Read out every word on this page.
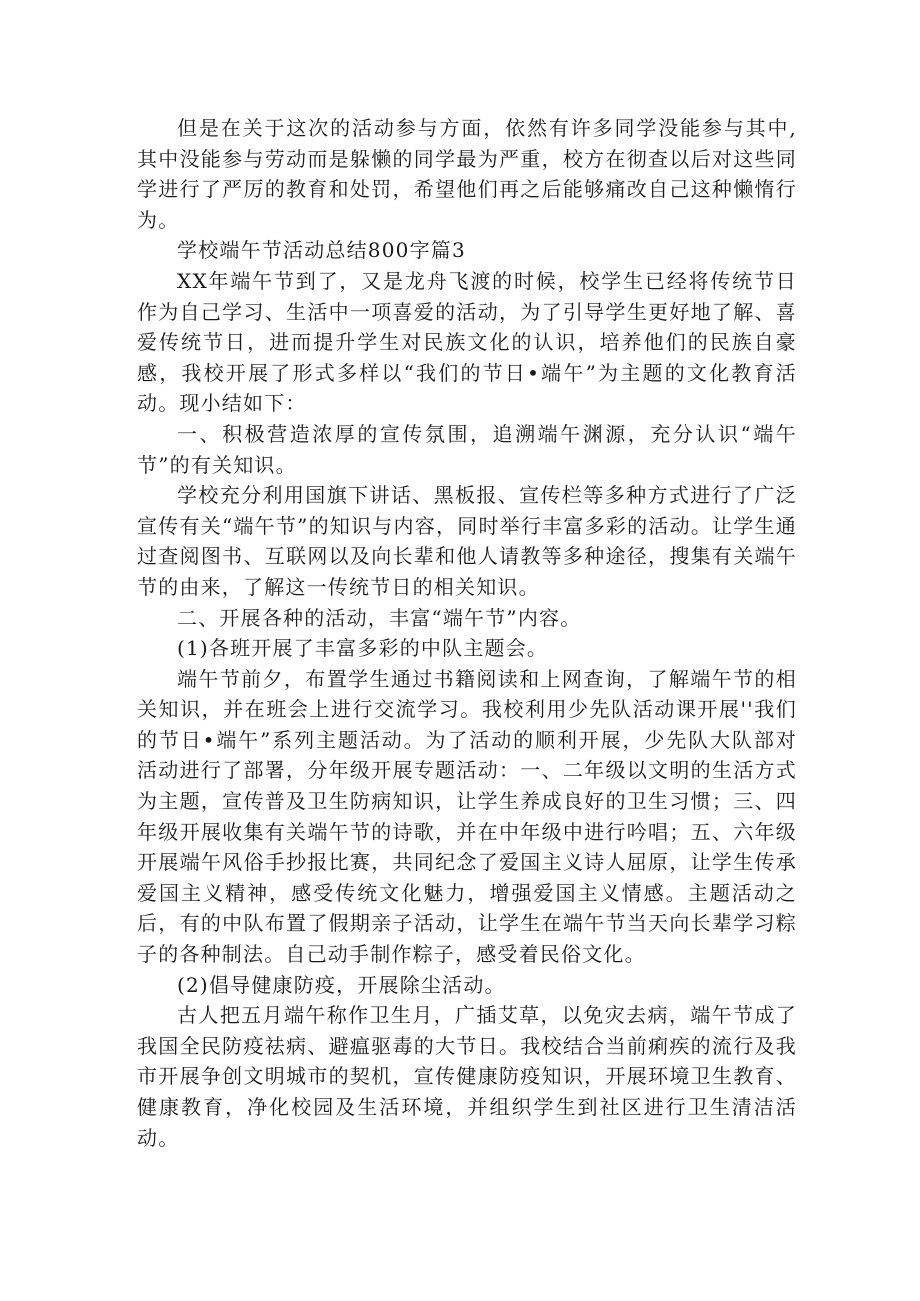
但是在关于这次的活动参与方面，依然有许多同学没能参与其中,其中没能参与劳动而是躲懒的同学最为严重，校方在彻查以后对这些同学进行了严厉的教育和处罚，希望他们再之后能够痛改自己这种懒惰行为。

学校端午节活动总结800字篇3

XX年端午节到了，又是龙舟飞渡的时候，校学生已经将传统节日作为自己学习、生活中一项喜爱的活动，为了引导学生更好地了解、喜爱传统节日，进而提升学生对民族文化的认识，培养他们的民族自豪感，我校开展了形式多样以“我们的节日•端午”为主题的文化教育活动。现小结如下：

一、积极营造浓厚的宣传氛围，追溯端午渊源，充分认识“端午节”的有关知识。

学校充分利用国旗下讲话、黑板报、宣传栏等多种方式进行了广泛宣传有关“端午节”的知识与内容，同时举行丰富多彩的活动。让学生通过查阅图书、互联网以及向长辈和他人请教等多种途径，搜集有关端午节的由来，了解这一传统节日的相关知识。

二、开展各种的活动，丰富“端午节”内容。

(1)各班开展了丰富多彩的中队主题会。

端午节前夕，布置学生通过书籍阅读和上网查询，了解端午节的相关知识，并在班会上进行交流学习。我校利用少先队活动课开展''我们的节日•端午”系列主题活动。为了活动的顺利开展，少先队大队部对活动进行了部署，分年级开展专题活动：一、二年级以文明的生活方式为主题，宣传普及卫生防病知识，让学生养成良好的卫生习惯；三、四年级开展收集有关端午节的诗歌，并在中年级中进行吟唱；五、六年级开展端午风俗手抄报比赛，共同纪念了爱国主义诗人屈原，让学生传承爱国主义精神，感受传统文化魅力，增强爱国主义情感。主题活动之后，有的中队布置了假期亲子活动，让学生在端午节当天向长辈学习粽子的各种制法。自己动手制作粽子，感受着民俗文化。

(2)倡导健康防疫，开展除尘活动。

古人把五月端午称作卫生月，广插艾草，以免灾去病，端午节成了我国全民防疫祛病、避瘟驱毒的大节日。我校结合当前痢疾的流行及我市开展争创文明城市的契机，宣传健康防疫知识，开展环境卫生教育、健康教育，净化校园及生活环境，并组织学生到社区进行卫生清洁活动。
